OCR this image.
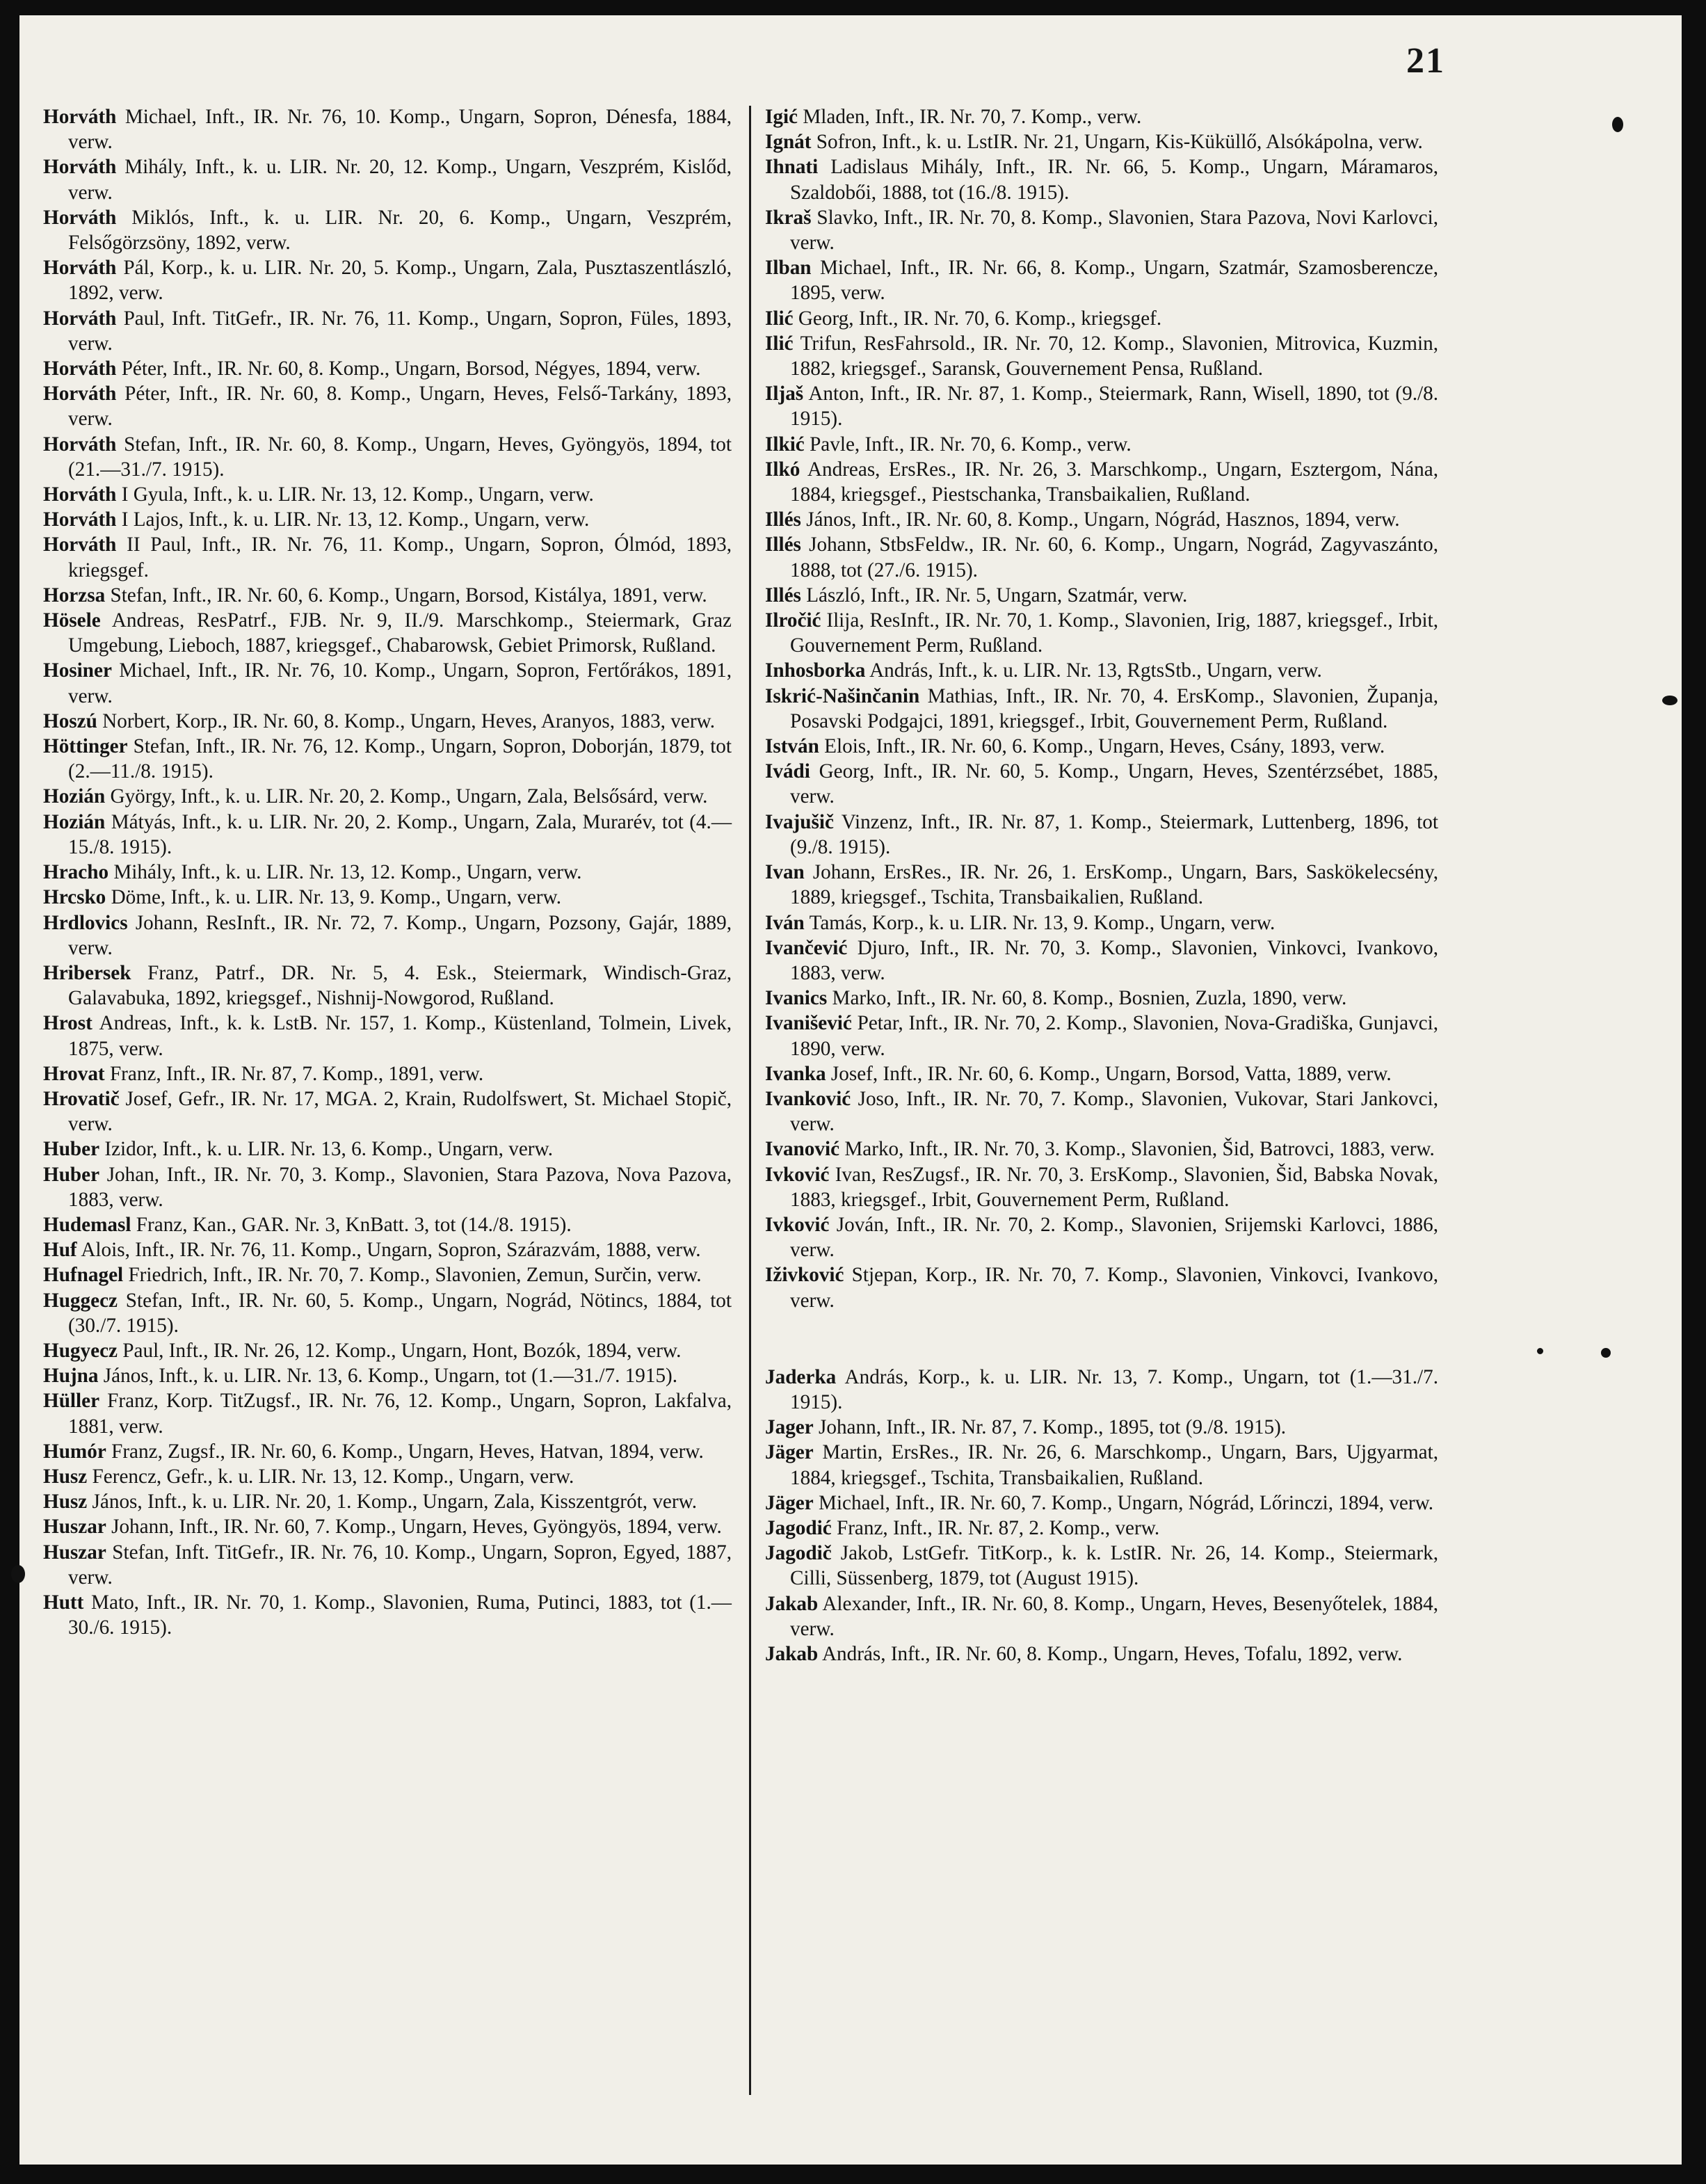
21

Horváth Michael, Inft., IR. Nr. 76, 10. Komp., Ungarn, Sopron, Dénesfa, 1884, verw.

Horváth Mihály, Inft., k. u. LIR. Nr. 20, 12. Komp., Ungarn, Veszprém, Kislőd, verw.

Horváth Miklós, Inft., k. u. LIR. Nr. 20, 6. Komp., Ungarn, Veszprém, Felsőgörzsöny, 1892, verw.

Horváth Pál, Korp., k. u. LIR. Nr. 20, 5. Komp., Ungarn, Zala, Pusztaszentlászló, 1892, verw.

Horváth Paul, Inft. TitGefr., IR. Nr. 76, 11. Komp., Ungarn, Sopron, Füles, 1893, verw.

Horváth Péter, Inft., IR. Nr. 60, 8. Komp., Ungarn, Borsod, Négyes, 1894, verw.

Horváth Péter, Inft., IR. Nr. 60, 8. Komp., Ungarn, Heves, Felső-Tarkány, 1893, verw.

Horváth Stefan, Inft., IR. Nr. 60, 8. Komp., Ungarn, Heves, Gyöngyös, 1894, tot (21.—31./7. 1915).

Horváth I Gyula, Inft., k. u. LIR. Nr. 13, 12. Komp., Ungarn, verw.

Horváth I Lajos, Inft., k. u. LIR. Nr. 13, 12. Komp., Ungarn, verw.

Horváth II Paul, Inft., IR. Nr. 76, 11. Komp., Ungarn, Sopron, Ólmód, 1893, kriegsgef.

Horzsa Stefan, Inft., IR. Nr. 60, 6. Komp., Ungarn, Borsod, Kistálya, 1891, verw.

Hösele Andreas, ResPatrf., FJB. Nr. 9, II./9. Marschkomp., Steiermark, Graz Umgebung, Lieboch, 1887, kriegsgef., Chabarowsk, Gebiet Primorsk, Rußland.

Hosiner Michael, Inft., IR. Nr. 76, 10. Komp., Ungarn, Sopron, Fertőrákos, 1891, verw.

Hoszú Norbert, Korp., IR. Nr. 60, 8. Komp., Ungarn, Heves, Aranyos, 1883, verw.

Höttinger Stefan, Inft., IR. Nr. 76, 12. Komp., Ungarn, Sopron, Doborján, 1879, tot (2.—11./8. 1915).

Hozián György, Inft., k. u. LIR. Nr. 20, 2. Komp., Ungarn, Zala, Belsősárd, verw.

Hozián Mátyás, Inft., k. u. LIR. Nr. 20, 2. Komp., Ungarn, Zala, Murarév, tot (4.—15./8. 1915).

Hracho Mihály, Inft., k. u. LIR. Nr. 13, 12. Komp., Ungarn, verw.

Hrcsko Döme, Inft., k. u. LIR. Nr. 13, 9. Komp., Ungarn, verw.

Hrdlovics Johann, ResInft., IR. Nr. 72, 7. Komp., Ungarn, Pozsony, Gajár, 1889, verw.

Hribersek Franz, Patrf., DR. Nr. 5, 4. Esk., Steiermark, Windisch-Graz, Galavabuka, 1892, kriegsgef., Nishnij-Nowgorod, Rußland.

Hrost Andreas, Inft., k. k. LstB. Nr. 157, 1. Komp., Küstenland, Tolmein, Livek, 1875, verw.

Hrovat Franz, Inft., IR. Nr. 87, 7. Komp., 1891, verw.

Hrovatič Josef, Gefr., IR. Nr. 17, MGA. 2, Krain, Rudolfswert, St. Michael Stopič, verw.

Huber Izidor, Inft., k. u. LIR. Nr. 13, 6. Komp., Ungarn, verw.

Huber Johan, Inft., IR. Nr. 70, 3. Komp., Slavonien, Stara Pazova, Nova Pazova, 1883, verw.

Hudemasl Franz, Kan., GAR. Nr. 3, KnBatt. 3, tot (14./8. 1915).

Huf Alois, Inft., IR. Nr. 76, 11. Komp., Ungarn, Sopron, Szárazvám, 1888, verw.

Hufnagel Friedrich, Inft., IR. Nr. 70, 7. Komp., Slavonien, Zemun, Surčin, verw.

Huggecz Stefan, Inft., IR. Nr. 60, 5. Komp., Ungarn, Nográd, Nötincs, 1884, tot (30./7. 1915).

Hugyecz Paul, Inft., IR. Nr. 26, 12. Komp., Ungarn, Hont, Bozók, 1894, verw.

Hujna János, Inft., k. u. LIR. Nr. 13, 6. Komp., Ungarn, tot (1.—31./7. 1915).

Hüller Franz, Korp. TitZugsf., IR. Nr. 76, 12. Komp., Ungarn, Sopron, Lakfalva, 1881, verw.

Humór Franz, Zugsf., IR. Nr. 60, 6. Komp., Ungarn, Heves, Hatvan, 1894, verw.

Husz Ferencz, Gefr., k. u. LIR. Nr. 13, 12. Komp., Ungarn, verw.

Husz János, Inft., k. u. LIR. Nr. 20, 1. Komp., Ungarn, Zala, Kisszentgrót, verw.

Huszar Johann, Inft., IR. Nr. 60, 7. Komp., Ungarn, Heves, Gyöngyös, 1894, verw.

Huszar Stefan, Inft. TitGefr., IR. Nr. 76, 10. Komp., Ungarn, Sopron, Egyed, 1887, verw.

Hutt Mato, Inft., IR. Nr. 70, 1. Komp., Slavonien, Ruma, Putinci, 1883, tot (1.—30./6. 1915).

Igić Mladen, Inft., IR. Nr. 70, 7. Komp., verw.

Ignát Sofron, Inft., k. u. LstIR. Nr. 21, Ungarn, Kis-Küküllő, Alsókápolna, verw.

Ihnati Ladislaus Mihály, Inft., IR. Nr. 66, 5. Komp., Ungarn, Máramaros, Szaldobői, 1888, tot (16./8. 1915).

Ikraš Slavko, Inft., IR. Nr. 70, 8. Komp., Slavonien, Stara Pazova, Novi Karlovci, verw.

Ilban Michael, Inft., IR. Nr. 66, 8. Komp., Ungarn, Szatmár, Szamosberencze, 1895, verw.

Ilić Georg, Inft., IR. Nr. 70, 6. Komp., kriegsgef.

Ilić Trifun, ResFahrsold., IR. Nr. 70, 12. Komp., Slavonien, Mitrovica, Kuzmin, 1882, kriegsgef., Saransk, Gouvernement Pensa, Rußland.

Iljaš Anton, Inft., IR. Nr. 87, 1. Komp., Steiermark, Rann, Wisell, 1890, tot (9./8. 1915).

Ilkić Pavle, Inft., IR. Nr. 70, 6. Komp., verw.

Ilkó Andreas, ErsRes., IR. Nr. 26, 3. Marschkomp., Ungarn, Esztergom, Nána, 1884, kriegsgef., Piestschanka, Transbaikalien, Rußland.

Illés János, Inft., IR. Nr. 60, 8. Komp., Ungarn, Nógrád, Hasznos, 1894, verw.

Illés Johann, StbsFeldw., IR. Nr. 60, 6. Komp., Ungarn, Nográd, Zagyvaszánto, 1888, tot (27./6. 1915).

Illés László, Inft., IR. Nr. 5, Ungarn, Szatmár, verw.

Ilročić Ilija, ResInft., IR. Nr. 70, 1. Komp., Slavonien, Irig, 1887, kriegsgef., Irbit, Gouvernement Perm, Rußland.

Inhosborka András, Inft., k. u. LIR. Nr. 13, RgtsStb., Ungarn, verw.

Iskrić-Našinčanin Mathias, Inft., IR. Nr. 70, 4. ErsKomp., Slavonien, Županja, Posavski Podgajci, 1891, kriegsgef., Irbit, Gouvernement Perm, Rußland.

István Elois, Inft., IR. Nr. 60, 6. Komp., Ungarn, Heves, Csány, 1893, verw.

Ivádi Georg, Inft., IR. Nr. 60, 5. Komp., Ungarn, Heves, Szentérzsébet, 1885, verw.

Ivajušič Vinzenz, Inft., IR. Nr. 87, 1. Komp., Steiermark, Luttenberg, 1896, tot (9./8. 1915).

Ivan Johann, ErsRes., IR. Nr. 26, 1. ErsKomp., Ungarn, Bars, Saskökelecsény, 1889, kriegsgef., Tschita, Transbaikalien, Rußland.

Iván Tamás, Korp., k. u. LIR. Nr. 13, 9. Komp., Ungarn, verw.

Ivančević Djuro, Inft., IR. Nr. 70, 3. Komp., Slavonien, Vinkovci, Ivankovo, 1883, verw.

Ivanics Marko, Inft., IR. Nr. 60, 8. Komp., Bosnien, Zuzla, 1890, verw.

Ivanišević Petar, Inft., IR. Nr. 70, 2. Komp., Slavonien, Nova-Gradiška, Gunjavci, 1890, verw.

Ivanka Josef, Inft., IR. Nr. 60, 6. Komp., Ungarn, Borsod, Vatta, 1889, verw.

Ivanković Joso, Inft., IR. Nr. 70, 7. Komp., Slavonien, Vukovar, Stari Jankovci, verw.

Ivanović Marko, Inft., IR. Nr. 70, 3. Komp., Slavonien, Šid, Batrovci, 1883, verw.

Ivković Ivan, ResZugsf., IR. Nr. 70, 3. ErsKomp., Slavonien, Šid, Babska Novak, 1883, kriegsgef., Irbit, Gouvernement Perm, Rußland.

Ivković Jován, Inft., IR. Nr. 70, 2. Komp., Slavonien, Srijemski Karlovci, 1886, verw.

Iživković Stjepan, Korp., IR. Nr. 70, 7. Komp., Slavonien, Vinkovci, Ivankovo, verw.

Jaderka András, Korp., k. u. LIR. Nr. 13, 7. Komp., Ungarn, tot (1.—31./7. 1915).

Jager Johann, Inft., IR. Nr. 87, 7. Komp., 1895, tot (9./8. 1915).

Jäger Martin, ErsRes., IR. Nr. 26, 6. Marschkomp., Ungarn, Bars, Ujgyarmat, 1884, kriegsgef., Tschita, Transbaikalien, Rußland.

Jäger Michael, Inft., IR. Nr. 60, 7. Komp., Ungarn, Nógrád, Lőrinczi, 1894, verw.

Jagodić Franz, Inft., IR. Nr. 87, 2. Komp., verw.

Jagodič Jakob, LstGefr. TitKorp., k. k. LstIR. Nr. 26, 14. Komp., Steiermark, Cilli, Süssenberg, 1879, tot (August 1915).

Jakab Alexander, Inft., IR. Nr. 60, 8. Komp., Ungarn, Heves, Besenyőtelek, 1884, verw.

Jakab András, Inft., IR. Nr. 60, 8. Komp., Ungarn, Heves, Tofalu, 1892, verw.
